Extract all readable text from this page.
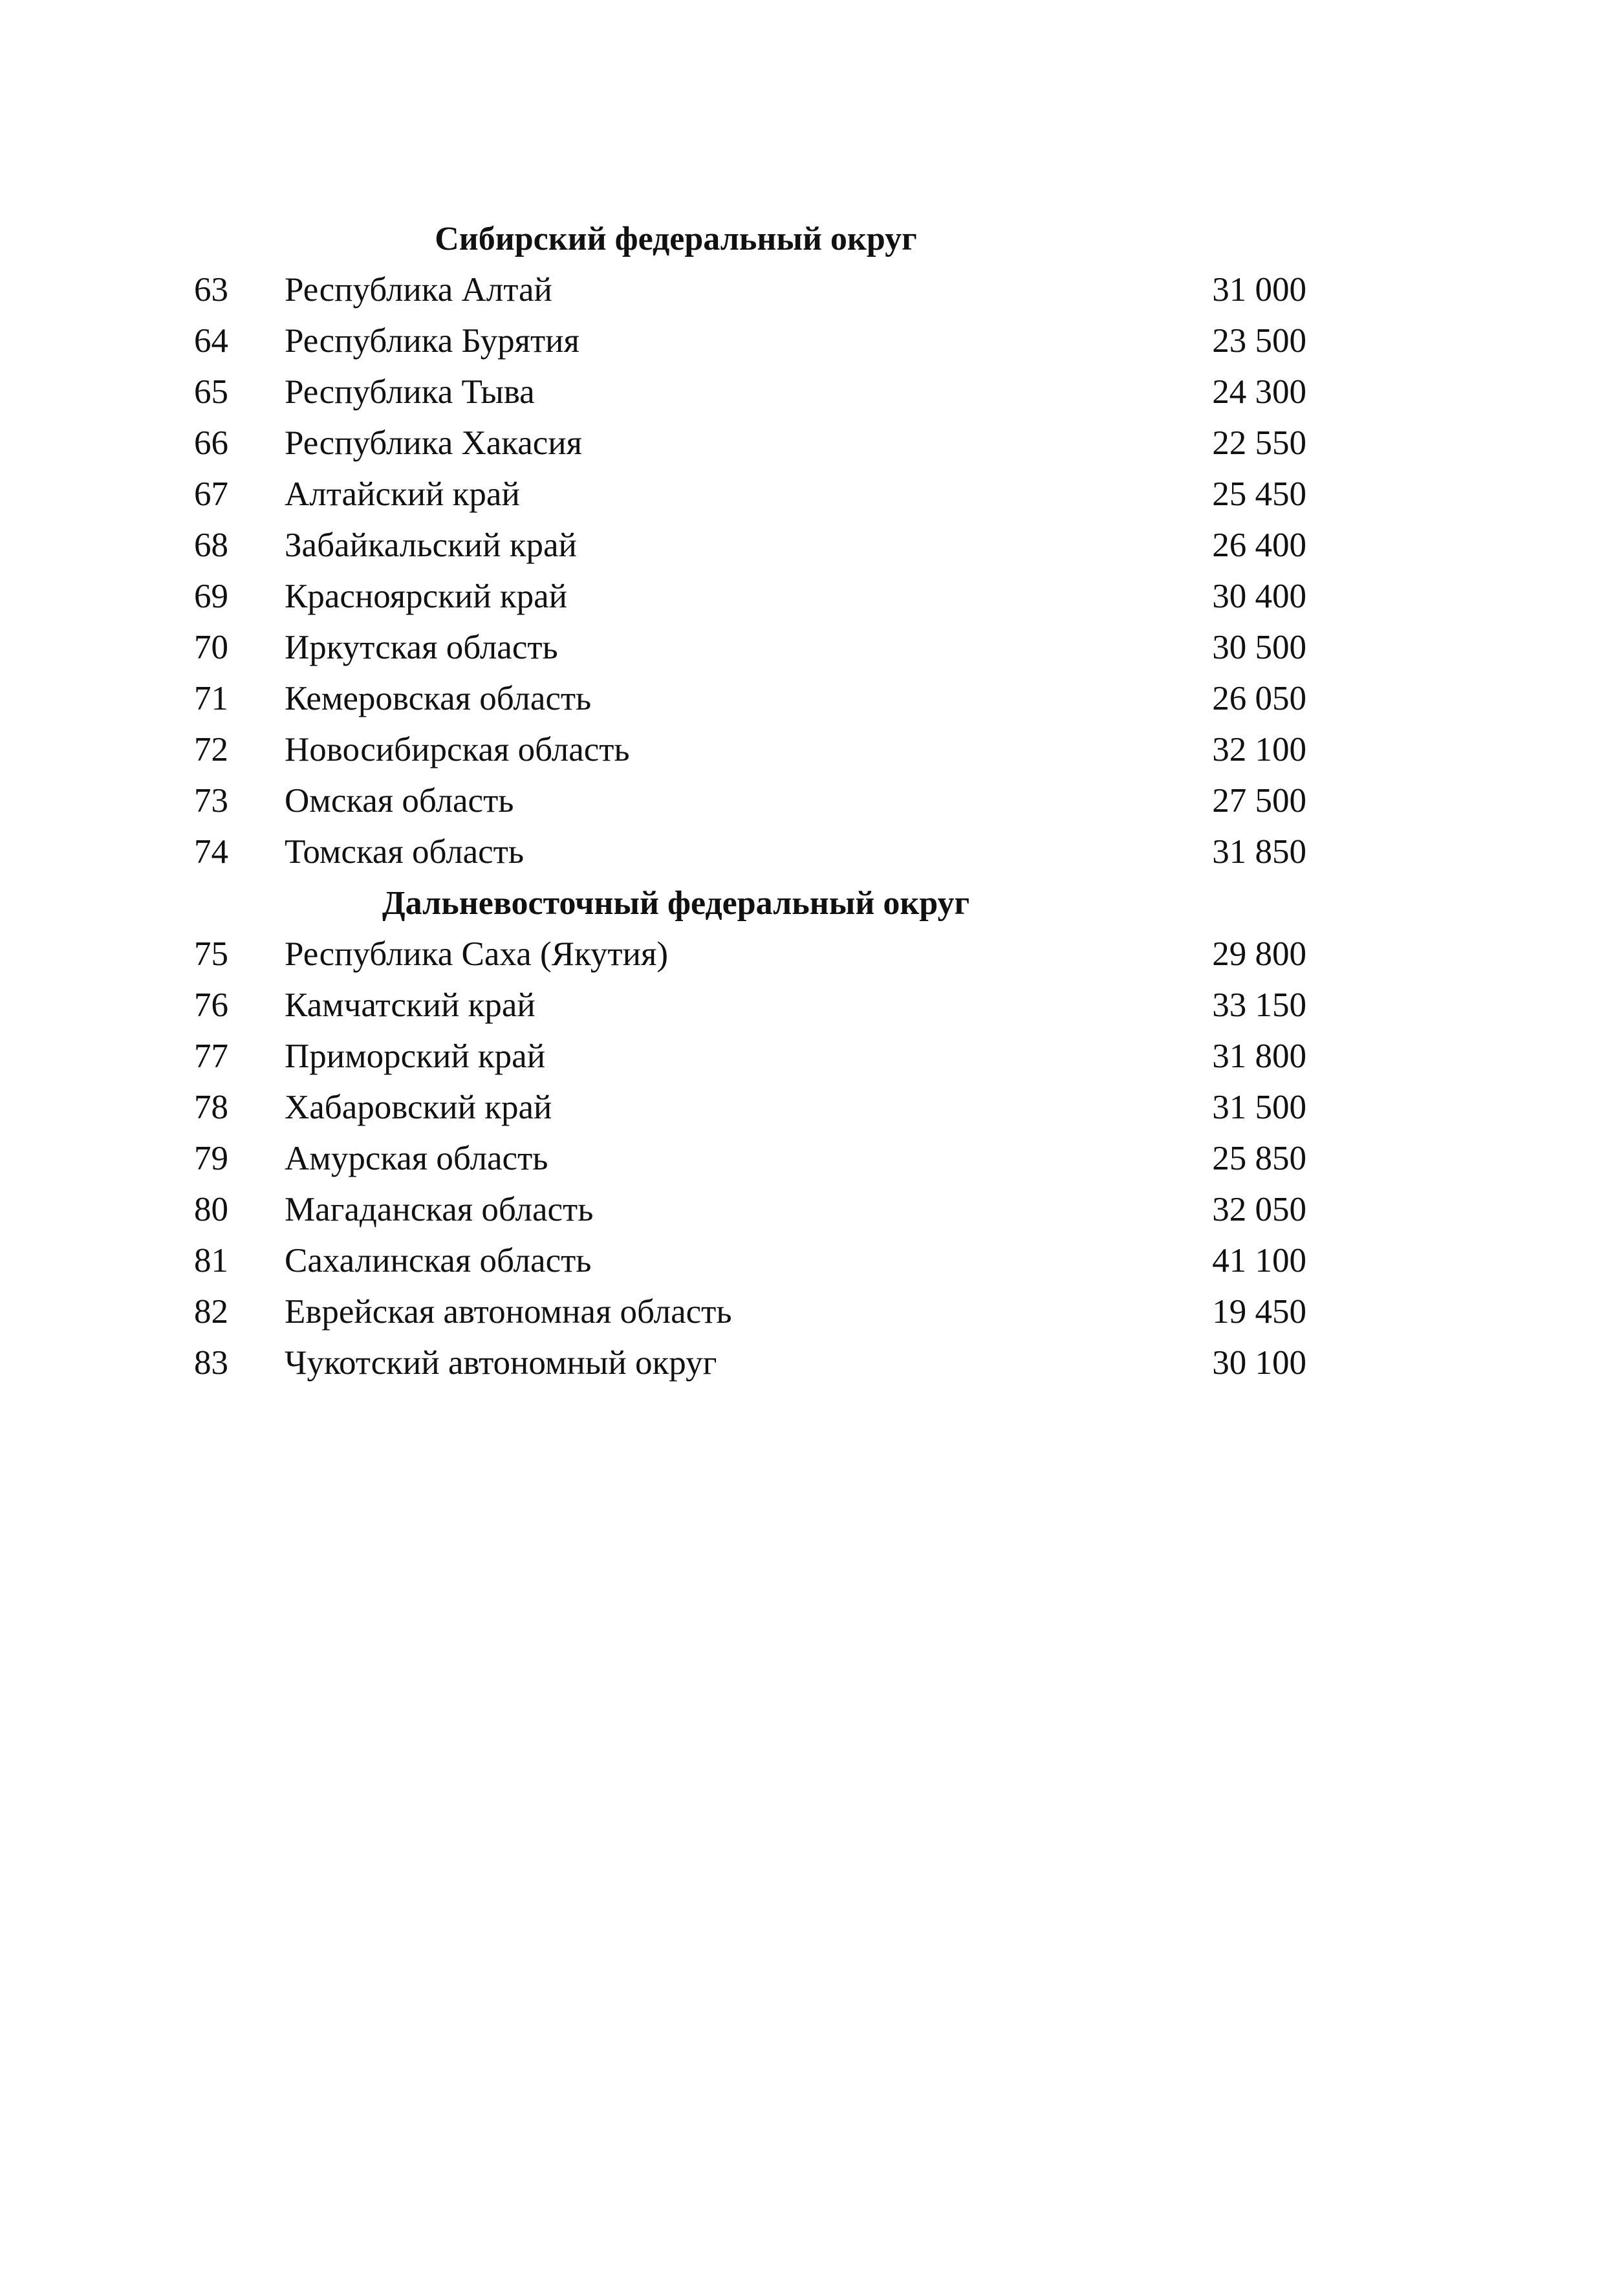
Сибирский федеральный округ
63 Республика Алтай	31 000
64 Республика Бурятия	23 500
65 Республика Тыва	24 300
66 Республика Хакасия	22 550
67 Алтайский край	25 450
68 Забайкальский край	26 400
69 Красноярский край	30 400
70 Иркутская область	30 500
71 Кемеровская область	26 050
72 Новосибирская область	32 100
73 Омская область	27 500
74 Томская область	31 850
Дальневосточный федеральный округ
75 Республика Саха (Якутия)	29 800
76 Камчатский край	33 150
77 Приморский край	31 800
78 Хабаровский край	31 500
79 Амурская область	25 850
80 Магаданская область	32 050
81 Сахалинская область	41 100
82 Еврейская автономная область	19 450
83 Чукотский автономный округ	30 100
